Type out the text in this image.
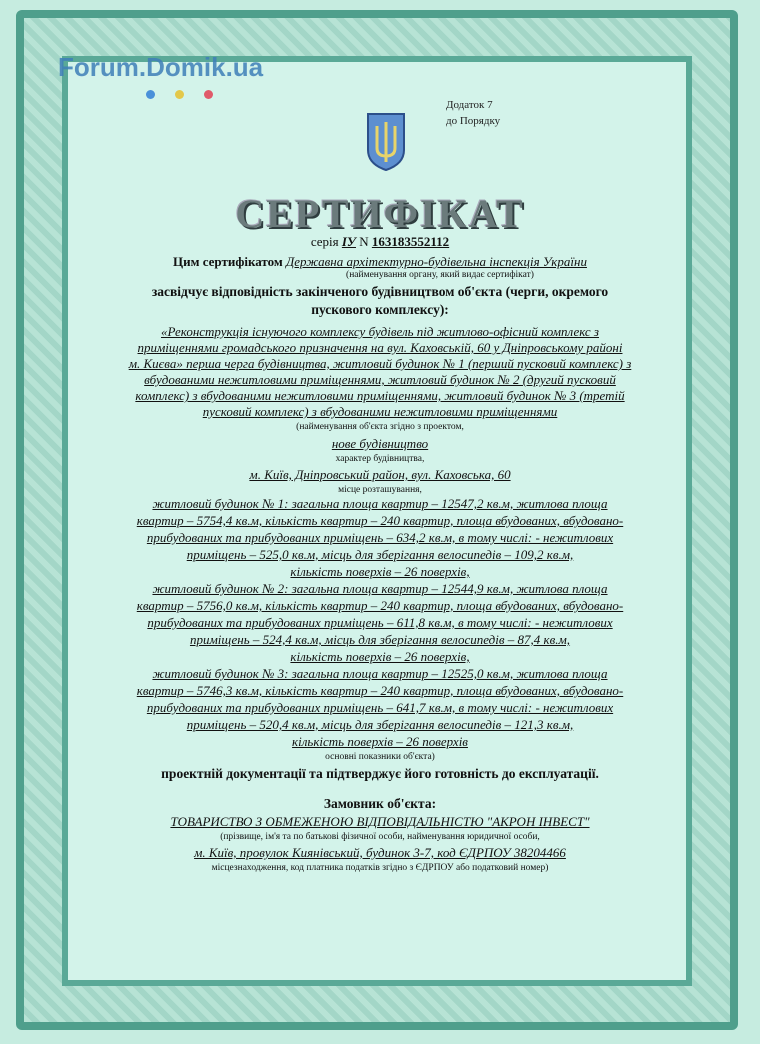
Forum.Domik.ua
Додаток 7
до Порядку
СЕРТИФІКАТ
серія ІУ N 163183552112
Цим сертифікатом Державна архітектурно-будівельна інспекція України
(найменування органу, який видає сертифікат)
засвідчує відповідність закінченого будівництвом об'єкта (черги, окремого
пускового комплексу):
«Реконструкція існуючого комплексу будівель під житлово-офісний комплекс з
приміщеннями громадського призначення на вул. Каховській, 60 у Дніпровському районі
м. Києва» перша черга будівництва, житловий будинок № 1 (перший пусковий комплекс) з
вбудованими нежитловими приміщеннями, житловий будинок № 2 (другий пусковий
комплекс) з вбудованими нежитловими приміщеннями, житловий будинок № 3 (третій
пусковий комплекс) з вбудованими нежитловими приміщеннями
(найменування об'єкта згідно з проектом,
нове будівництво
характер будівництва,
м. Київ, Дніпровський район, вул. Каховська, 60
місце розташування,
житловий будинок № 1: загальна площа квартир – 12547,2 кв.м, житлова площа
квартир – 5754,4 кв.м, кількість квартир – 240 квартир, площа вбудованих, вбудовано-
прибудованих та прибудованих приміщень – 634,2 кв.м, в тому числі: - нежитлових
приміщень – 525,0 кв.м, місць для зберігання велосипедів – 109,2 кв.м,
кількість поверхів – 26 поверхів,
житловий будинок № 2: загальна площа квартир – 12544,9 кв.м, житлова площа
квартир – 5756,0 кв.м, кількість квартир – 240 квартир, площа вбудованих, вбудовано-
прибудованих та прибудованих приміщень – 611,8 кв.м, в тому числі: - нежитлових
приміщень – 524,4 кв.м, місць для зберігання велосипедів – 87,4 кв.м,
кількість поверхів – 26 поверхів,
житловий будинок № 3: загальна площа квартир – 12525,0 кв.м, житлова площа
квартир – 5746,3 кв.м, кількість квартир – 240 квартир, площа вбудованих, вбудовано-
прибудованих та прибудованих приміщень – 641,7 кв.м, в тому числі: - нежитлових
приміщень – 520,4 кв.м, місць для зберігання велосипедів – 121,3 кв.м,
кількість поверхів – 26 поверхів
основні показники об'єкта)
проектній документації та підтверджує його готовність до експлуатації.
Замовник об'єкта:
ТОВАРИСТВО З ОБМЕЖЕНОЮ ВІДПОВІДАЛЬНІСТЮ "АКРОН ІНВЕСТ"
(прізвище, ім'я та по батькові фізичної особи, найменування юридичної особи,
м. Київ, провулок Киянівський, будинок 3-7, код ЄДРПОУ 38204466
місцезнаходження, код платника податків згідно з ЄДРПОУ або податковий номер)
